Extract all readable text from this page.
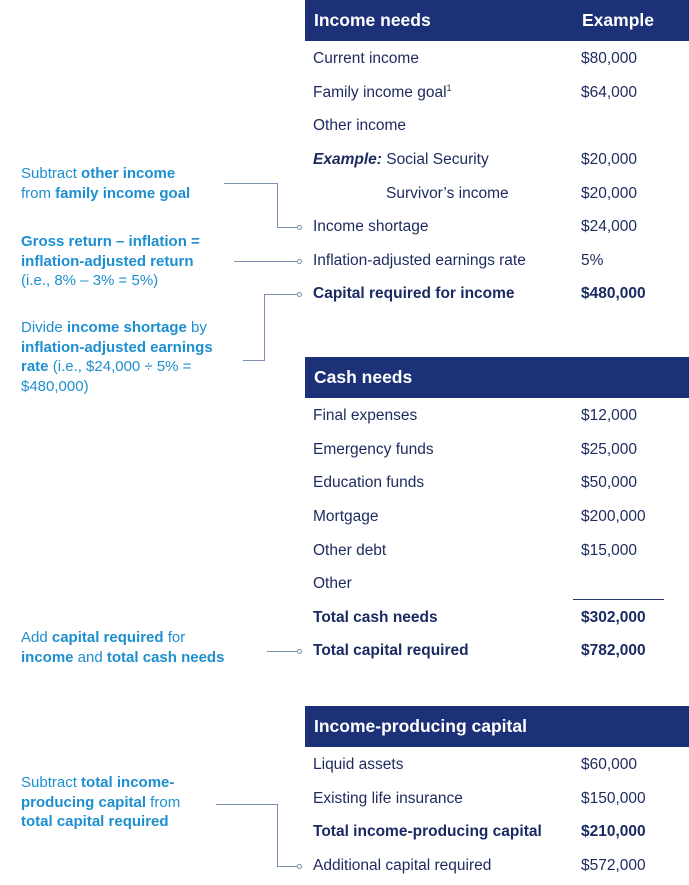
Income needs	Example
Current income	$80,000
Family income goal$^1$	$64,000
Other income
Example: Social Security	$20,000
Survivor’s income	$20,000
Income shortage	$24,000
Inflation-adjusted earnings rate	5%
Capital required for income	$480,000
Cash needs
Final expenses	$12,000
Emergency funds	$25,000
Education funds	$50,000
Mortgage	$200,000
Other debt	$15,000
Other
Total cash needs	$302,000
Total capital required	$782,000
Income-producing capital
Liquid assets	$60,000
Existing life insurance	$150,000
Total income-producing capital	$210,000
Additional capital required	$572,000
Subtract other income
from family income goal
Gross return – inflation =
inflation-adjusted return
(i.e., 8% – 3% = 5%)
Divide income shortage by
inflation-adjusted earnings
rate (i.e., $24,000 ÷ 5% =
$480,000)
Add capital required for
income and total cash needs
Subtract total income-
producing capital from
total capital required
